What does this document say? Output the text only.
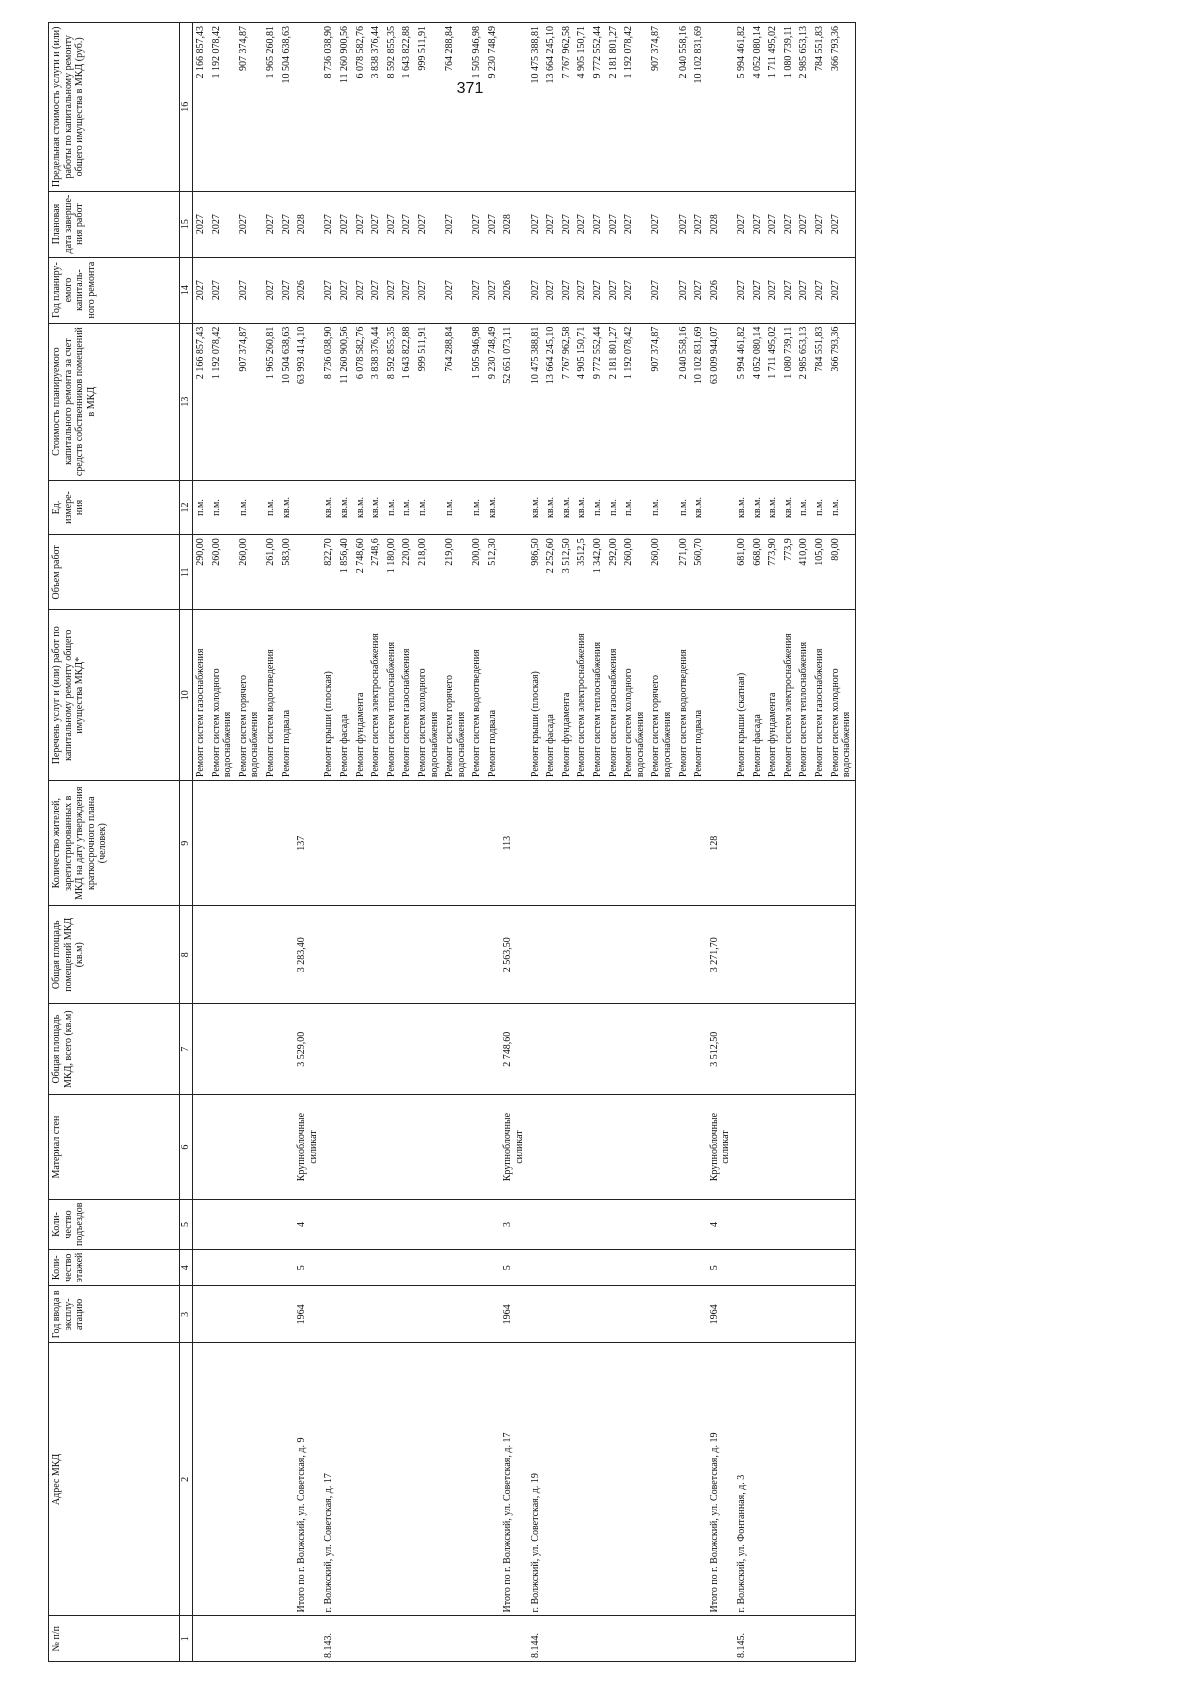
371
№ п/п	Адрес МКД	Год ввода в эксплу-атацию	Коли-чество этажей	Коли-чество подъездов	Материал стен	Общая площадь МКД, всего (кв.м)	Общая площадь помещений МКД (кв.м)	Количество жителей, зарегистрированных в МКД на дату утверждения краткосрочного плана (человек)	Перечень услуг и (или) работ по капитальному ремонту общего имущества МКД*	Объем работ	Ед. измере-ния	Стоимость планируемого капитального ремонта за счет средств собственников помещений в МКД	Год планиру-емого капиталь-ного ремонта	Плановая дата заверше-ния работ	Предельная стоимость услуги и (или) работы по капитальному ремонту общего имущества в МКД (руб.)
1	2	3	4	5	6	7	8	9	10	11	12	13	14	15	16
									Ремонт систем газоснабжения	290,00	п.м.	2 166 857,43	2027	2027	2 166 857,43
									Ремонт систем холодного водоснабжения	260,00	п.м.	1 192 078,42	2027	2027	1 192 078,42
									Ремонт систем горячего водоснабжения	260,00	п.м.	907 374,87	2027	2027	907 374,87
									Ремонт систем водоотведения	261,00	п.м.	1 965 260,81	2027	2027	1 965 260,81
									Ремонт подвала	583,00	кв.м.	10 504 638,63	2027	2027	10 504 638,63
	Итого по г. Волжский, ул. Советская, д. 9	1964	5	4	Крупноблочные силикат	3 529,00	3 283,40	137				63 993 414,10	2026	2028	
8.143.	г. Волжский, ул. Советская, д. 17								Ремонт крыши (плоская)	822,70	кв.м.	8 736 038,90	2027	2027	8 736 038,90
									Ремонт фасада	1 856,40	кв.м.	11 260 900,56	2027	2027	11 260 900,56
									Ремонт фундамента	2 748,60	кв.м.	6 078 582,76	2027	2027	6 078 582,76
									Ремонт систем электроснабжения	2748,6	кв.м.	3 838 376,44	2027	2027	3 838 376,44
									Ремонт систем теплоснабжения	1 180,00	п.м.	8 592 855,35	2027	2027	8 592 855,35
									Ремонт систем газоснабжения	220,00	п.м.	1 643 822,88	2027	2027	1 643 822,88
									Ремонт систем холодного водоснабжения	218,00	п.м.	999 511,91	2027	2027	999 511,91
									Ремонт систем горячего водоснабжения	219,00	п.м.	764 288,84	2027	2027	764 288,84
									Ремонт систем водоотведения	200,00	п.м.	1 505 946,98	2027	2027	1 505 946,98
									Ремонт подвала	512,30	кв.м.	9 230 748,49	2027	2027	9 230 748,49
	Итого по г. Волжский, ул. Советская, д. 17	1964	5	3	Крупноблочные силикат	2 748,60	2 563,50	113				52 651 073,11	2026	2028	
8.144.	г. Волжский, ул. Советская, д. 19								Ремонт крыши (плоская)	986,50	кв.м.	10 475 388,81	2027	2027	10 475 388,81
									Ремонт фасада	2 252,60	кв.м.	13 664 245,10	2027	2027	13 664 245,10
									Ремонт фундамента	3 512,50	кв.м.	7 767 962,58	2027	2027	7 767 962,58
									Ремонт систем электроснабжения	3512,5	кв.м.	4 905 150,71	2027	2027	4 905 150,71
									Ремонт систем теплоснабжения	1 342,00	п.м.	9 772 552,44	2027	2027	9 772 552,44
									Ремонт систем газоснабжения	292,00	п.м.	2 181 801,27	2027	2027	2 181 801,27
									Ремонт систем холодного водоснабжения	260,00	п.м.	1 192 078,42	2027	2027	1 192 078,42
									Ремонт систем горячего водоснабжения	260,00	п.м.	907 374,87	2027	2027	907 374,87
									Ремонт систем водоотведения	271,00	п.м.	2 040 558,16	2027	2027	2 040 558,16
									Ремонт подвала	560,70	кв.м.	10 102 831,69	2027	2027	10 102 831,69
	Итого по г. Волжский, ул. Советская, д. 19	1964	5	4	Крупноблочные силикат	3 512,50	3 271,70	128				63 009 944,07	2026	2028	
8.145.	г. Волжский, ул. Фонтанная, д. 3								Ремонт крыши (скатная)	681,00	кв.м.	5 994 461,82	2027	2027	5 994 461,82
									Ремонт фасада	668,00	кв.м.	4 052 080,14	2027	2027	4 052 080,14
									Ремонт фундамента	773,90	кв.м.	1 711 495,02	2027	2027	1 711 495,02
									Ремонт систем электроснабжения	773,9	кв.м.	1 080 739,11	2027	2027	1 080 739,11
									Ремонт систем теплоснабжения	410,00	п.м.	2 985 653,13	2027	2027	2 985 653,13
									Ремонт систем газоснабжения	105,00	п.м.	784 551,83	2027	2027	784 551,83
									Ремонт систем холодного водоснабжения	80,00	п.м.	366 793,36	2027	2027	366 793,36
